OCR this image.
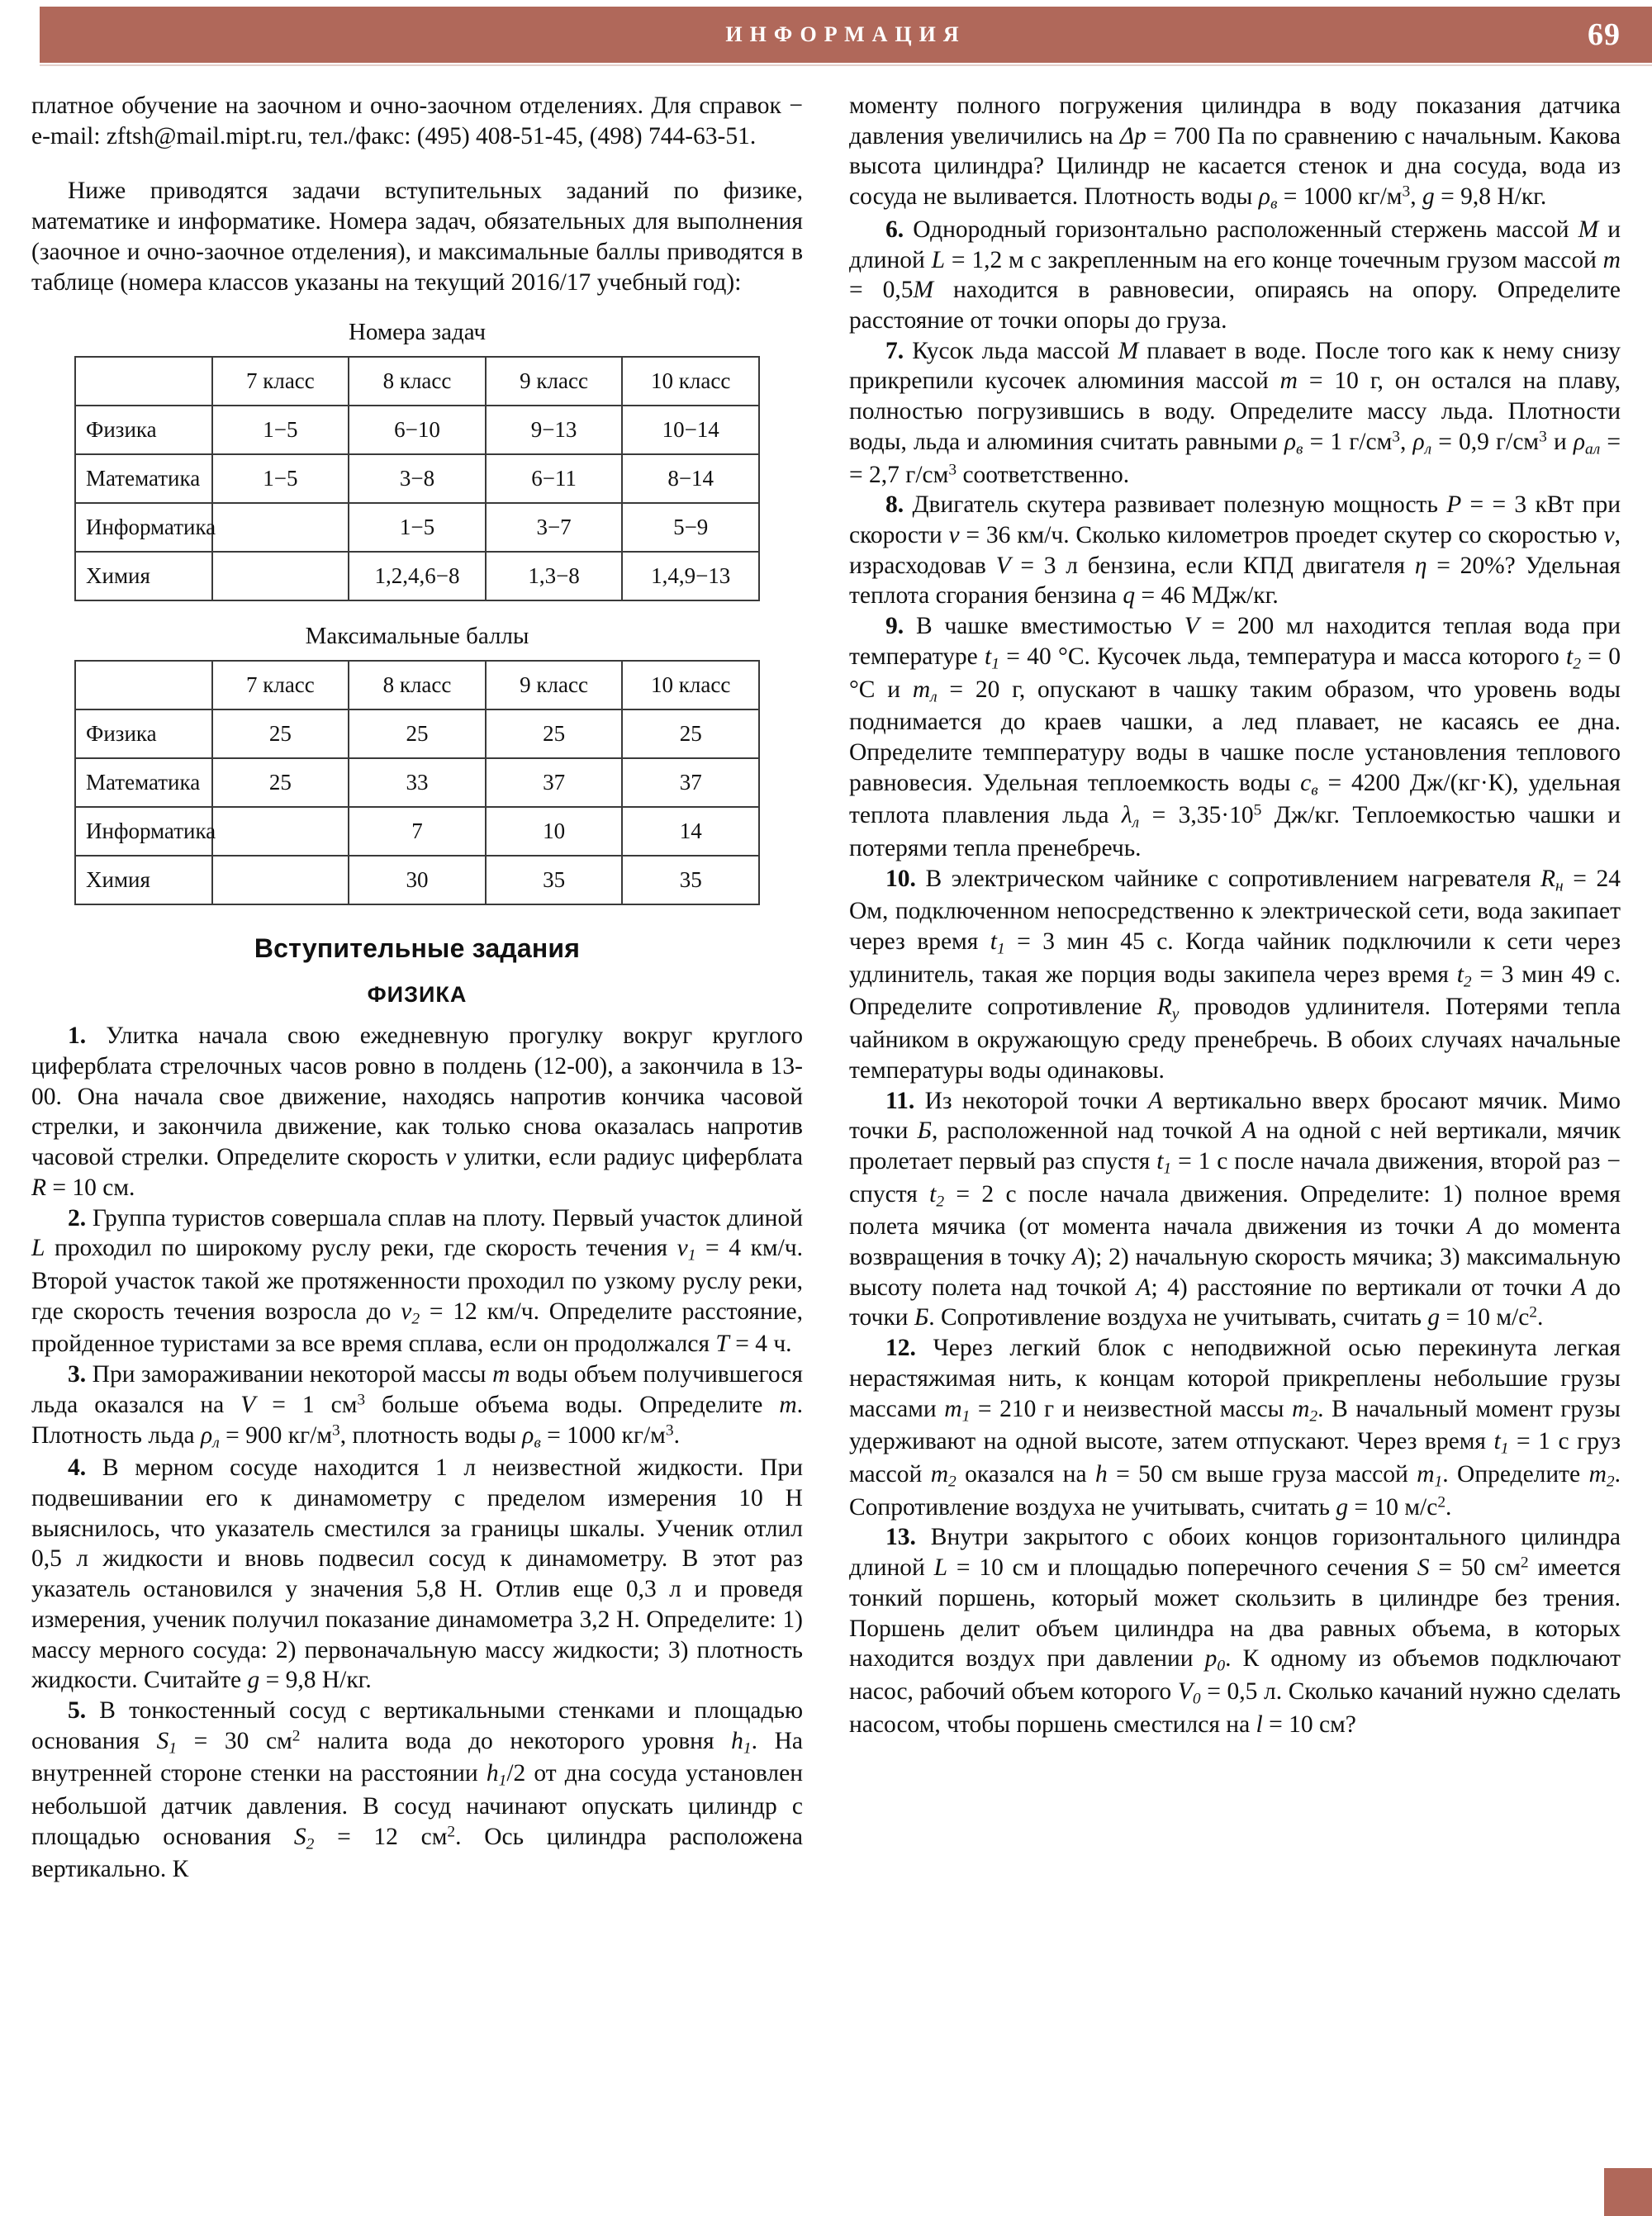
ИНФОРМАЦИЯ	69

платное обучение на заочном и очно-заочном отделениях. Для справок − e-mail: zftsh@mail.mipt.ru, тел./факс: (495) 408-51-45, (498) 744-63-51.

Ниже приводятся задачи вступительных заданий по физике, математике и информатике. Номера задач, обязательных для выполнения (заочное и очно-заочное отделения), и максимальные баллы приводятся в таблице (номера классов указаны на текущий 2016/17 учебный год):

Номера задач
	7 класс	8 класс	9 класс	10 класс
Физика	1−5	6−10	9−13	10−14
Математика	1−5	3−8	6−11	8−14
Информатика		1−5	3−7	5−9
Химия		1,2,4,6−8	1,3−8	1,4,9−13
Максимальные баллы
	7 класс	8 класс	9 класс	10 класс
Физика	25	25	25	25
Математика	25	33	37	37
Информатика		7	10	14
Химия		30	35	35
Вступительные задания
ФИЗИКА

1. Улитка начала свою ежедневную прогулку вокруг круглого циферблата стрелочных часов ровно в полдень (12-00), а закончила в 13-00. Она начала свое движение, находясь напротив кончика часовой стрелки, и закончила движение, как только снова оказалась напротив часовой стрелки. Определите скорость v улитки, если радиус циферблата R = 10 см.

2. Группа туристов совершала сплав на плоту. Первый участок длиной L проходил по широкому руслу реки, где скорость течения $v_1 = 4$ км/ч. Второй участок такой же протяженности проходил по узкому руслу реки, где скорость течения возросла до $v_2 = 12$ км/ч. Определите расстояние, пройденное туристами за все время сплава, если он продолжался T = 4 ч.

3. При замораживании некоторой массы m воды объем получившегося льда оказался на V = 1 $см^3$ больше объема воды. Определите m. Плотность льда $\rho_л = 900$ $кг/м^3$, плотность воды $\rho_в = 1000$ $кг/м^3$.

4. В мерном сосуде находится 1 л неизвестной жидкости. При подвешивании его к динамометру с пределом измерения 10 Н выяснилось, что указатель сместился за границы шкалы. Ученик отлил 0,5 л жидкости и вновь подвесил сосуд к динамометру. В этот раз указатель остановился у значения 5,8 Н. Отлив еще 0,3 л и проведя измерения, ученик получил показание динамометра 3,2 Н. Определите: 1) массу мерного сосуда: 2) первоначальную массу жидкости; 3) плотность жидкости. Считайте g = 9,8 Н/кг.

5. В тонкостенный сосуд с вертикальными стенками и площадью основания $S_1 = 30$ $см^2$ налита вода до некоторого уровня $h_1$. На внутренней стороне стенки на расстоянии $h_1/2$ от дна сосуда установлен небольшой датчик давления. В сосуд начинают опускать цилиндр с площадью основания $S_2 = 12$ $см^2$. Ось цилиндра расположена вертикально. К

моменту полного погружения цилиндра в воду показания датчика давления увеличились на Δp = 700 Па по сравнению с начальным. Какова высота цилиндра? Цилиндр не касается стенок и дна сосуда, вода из сосуда не выливается. Плотность воды $\rho_в = 1000$ $кг/м^3$, g = 9,8 Н/кг.

6. Однородный горизонтально расположенный стержень массой M и длиной L = 1,2 м с закрепленным на его конце точечным грузом массой m = 0,5M находится в равновесии, опираясь на опору. Определите расстояние от точки опоры до груза.

7. Кусок льда массой M плавает в воде. После того как к нему снизу прикрепили кусочек алюминия массой m = 10 г, он остался на плаву, полностью погрузившись в воду. Определите массу льда. Плотности воды, льда и алюминия считать равными $\rho_в = 1$ $г/см^3$, $\rho_л = 0,9$ $г/см^3$ и $\rho_{ал}$ = = 2,7 $г/см^3$ соответственно.

8. Двигатель скутера развивает полезную мощность P = = 3 кВт при скорости v = 36 км/ч. Сколько километров проедет скутер со скоростью v, израсходовав V = 3 л бензина, если КПД двигателя η = 20%? Удельная теплота сгорания бензина q = 46 МДж/кг.

9. В чашке вместимостью V = 200 мл находится теплая вода при температуре $t_1 = 40$ °С. Кусочек льда, температура и масса которого $t_2 = 0$ °С и $m_л = 20$ г, опускают в чашку таким образом, что уровень воды поднимается до краев чашки, а лед плавает, не касаясь ее дна. Определите темппературу воды в чашке после установления теплового равновесия. Удельная теплоемкость воды $c_в = 4200$ Дж/(кг·К), удельная теплота плавления льда $\lambda_л = 3,35\cdot 10^5$ Дж/кг. Теплоемкостью чашки и потерями тепла пренебречь.

10. В электрическом чайнике с сопротивлением нагревателя $R_н = 24$ Ом, подключенном непосредственно к электрической сети, вода закипает через время $t_1 = 3$ мин 45 с. Когда чайник подключили к сети через удлинитель, такая же порция воды закипела через время $t_2 = 3$ мин 49 с. Определите сопротивление $R_у$ проводов удлинителя. Потерями тепла чайником в окружающую среду пренебречь. В обоих случаях начальные температуры воды одинаковы.

11. Из некоторой точки А вертикально вверх бросают мячик. Мимо точки Б, расположенной над точкой А на одной с ней вертикали, мячик пролетает первый раз спустя $t_1 = 1$ с после начала движения, второй раз − спустя $t_2 = 2$ с после начала движения. Определите: 1) полное время полета мячика (от момента начала движения из точки А до момента возвращения в точку А); 2) начальную скорость мячика; 3) максимальную высоту полета над точкой А; 4) расстояние по вертикали от точки А до точки Б. Сопротивление воздуха не учитывать, считать g = 10 $м/с^2$.

12. Через легкий блок с неподвижной осью перекинута легкая нерастяжимая нить, к концам которой прикреплены небольшие грузы массами $m_1 = 210$ г и неизвестной массы $m_2$. В начальный момент грузы удерживают на одной высоте, затем отпускают. Через время $t_1 = 1$ с груз массой $m_2$ оказался на h = 50 см выше груза массой $m_1$. Определите $m_2$. Сопротивление воздуха не учитывать, считать g = 10 $м/с^2$.

13. Внутри закрытого с обоих концов горизонтального цилиндра длиной L = 10 см и площадью поперечного сечения S = 50 $см^2$ имеется тонкий поршень, который может скользить в цилиндре без трения. Поршень делит объем цилиндра на два равных объема, в которых находится воздух при давлении $p_0$. К одному из объемов подключают насос, рабочий объем которого $V_0 = 0,5$ л. Сколько качаний нужно сделать насосом, чтобы поршень сместился на l = 10 см?
